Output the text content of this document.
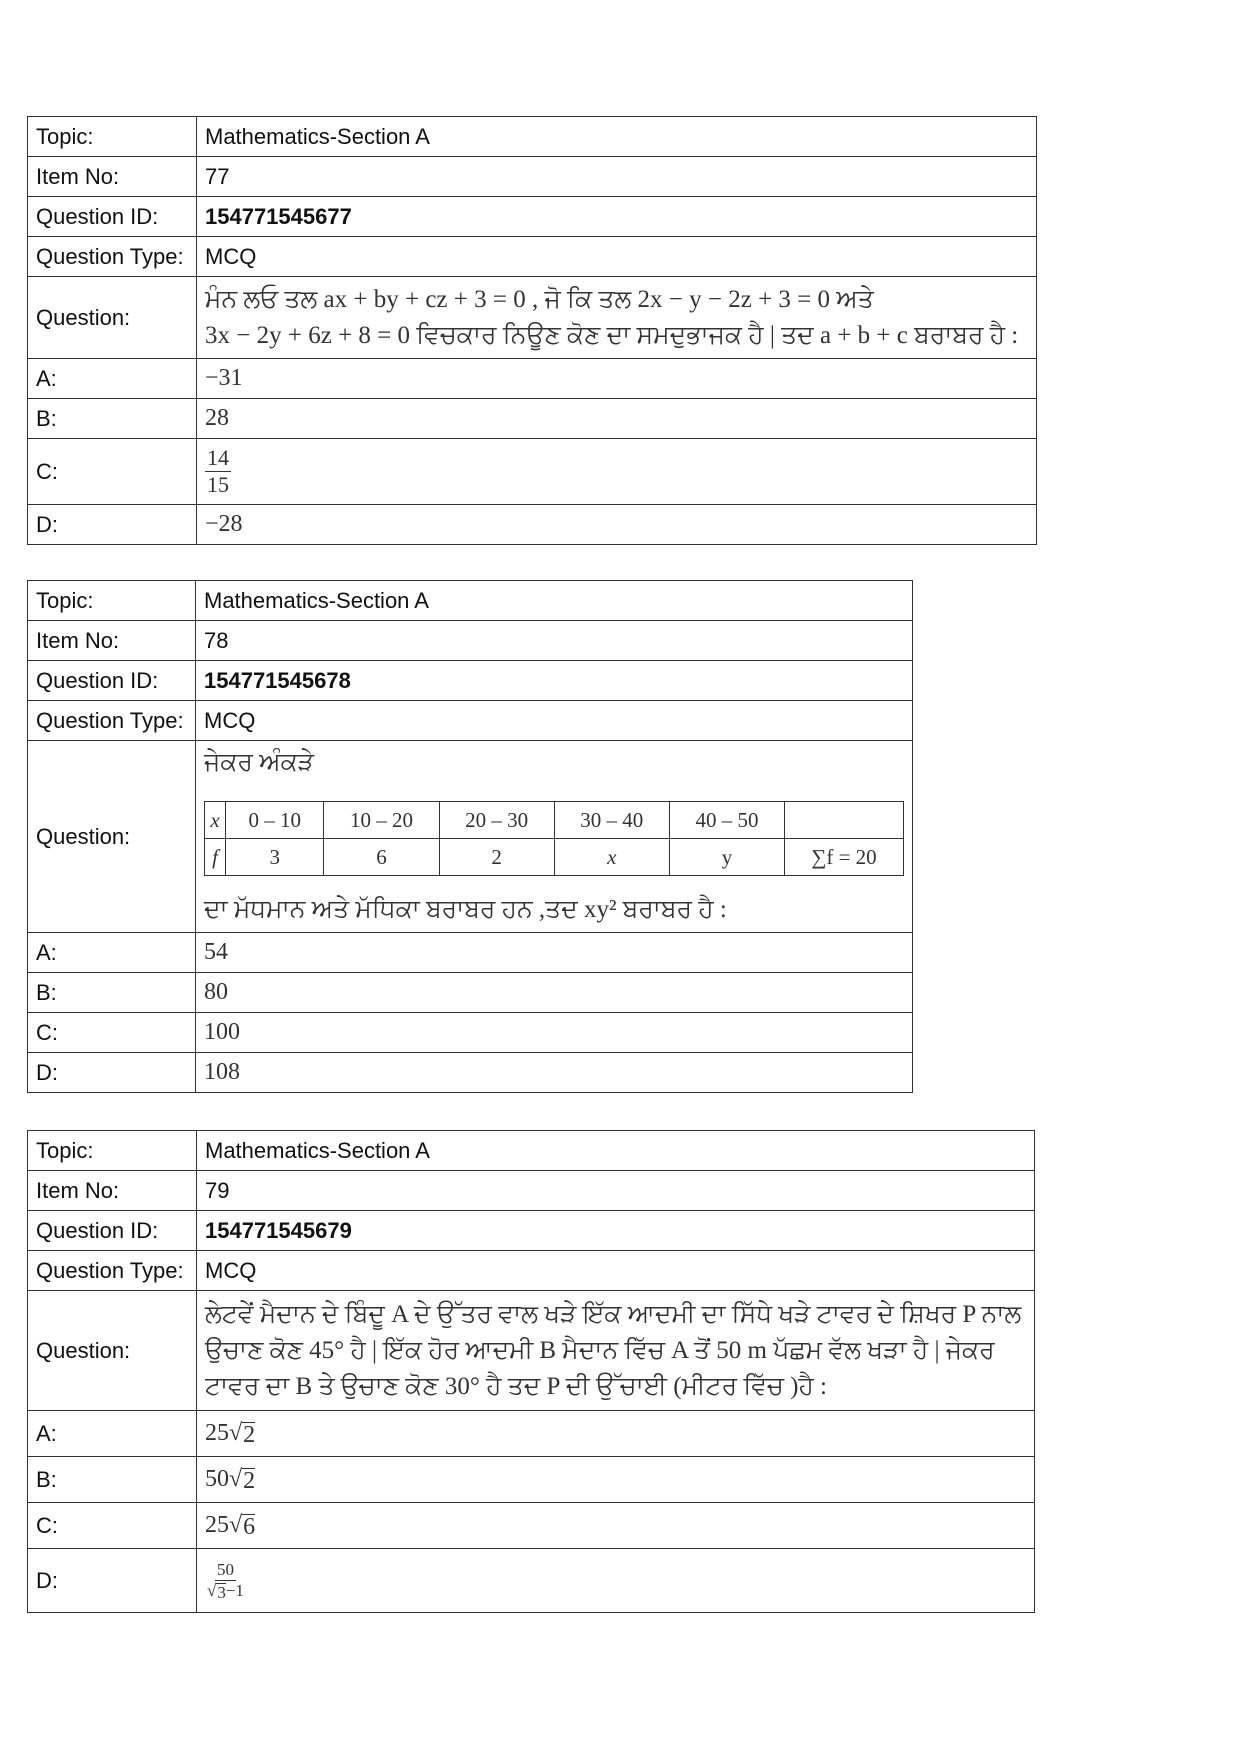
Topic:	Mathematics-Section A
Item No:	77
Question ID:	154771545677
Question Type:	MCQ
Question:	ਮੰਨ ਲਓ ਤਲ ax + by + cz + 3 = 0 , ਜੋ ਕਿ ਤਲ 2x − y − 2z + 3 = 0 ਅਤੇ
3x − 2y + 6z + 8 = 0 ਵਿਚਕਾਰ ਨਿਊਣ ਕੋਣ ਦਾ ਸਮਦੁਭਾਜਕ ਹੈ | ਤਦ a + b + c ਬਰਾਬਰ ਹੈ :

A:	−31
B:	28
C:	$\frac{14}{15}$

D:	−28
Topic:	Mathematics-Section A
Item No:	78
Question ID:	154771545678
Question Type:	MCQ
Question:	
ਜੇਕਰ ਅੰਕੜੇ
x	0 – 10	10 – 20	20 – 30	30 – 40	40 – 50	
f	3	6	2	x	y	∑f = 20
ਦਾ ਮੱਧਮਾਨ ਅਤੇ ਮੱਧਿਕਾ ਬਰਾਬਰ ਹਨ ,ਤਦ xy² ਬਰਾਬਰ ਹੈ :

A:	54
B:	80
C:	100
D:	108
Topic:	Mathematics-Section A
Item No:	79
Question ID:	154771545679
Question Type:	MCQ
Question:	ਲੇਟਵੇਂ ਮੈਦਾਨ ਦੇ ਬਿੰਦੂ A ਦੇ ਉੱਤਰ ਵਾਲ ਖੜੇ ਇੱਕ ਆਦਮੀ ਦਾ ਸਿੱਧੇ ਖੜੇ ਟਾਵਰ ਦੇ ਸ਼ਿਖਰ P ਨਾਲ
ਉਚਾਣ ਕੋਣ 45° ਹੈ | ਇੱਕ ਹੋਰ ਆਦਮੀ B ਮੈਦਾਨ ਵਿੱਚ A ਤੋਂ 50 m ਪੱਛਮ ਵੱਲ ਖੜਾ ਹੈ | ਜੇਕਰ
ਟਾਵਰ ਦਾ B ਤੇ ਉਚਾਣ ਕੋਣ 30° ਹੈ ਤਦ P ਦੀ ਉੱਚਾਈ (ਮੀਟਰ ਵਿੱਚ )ਹੈ :

A:	25 √ 2

B:	50 √ 2

C:	25 √ 6

D:	$\frac{50}{√ 3 -1}$
